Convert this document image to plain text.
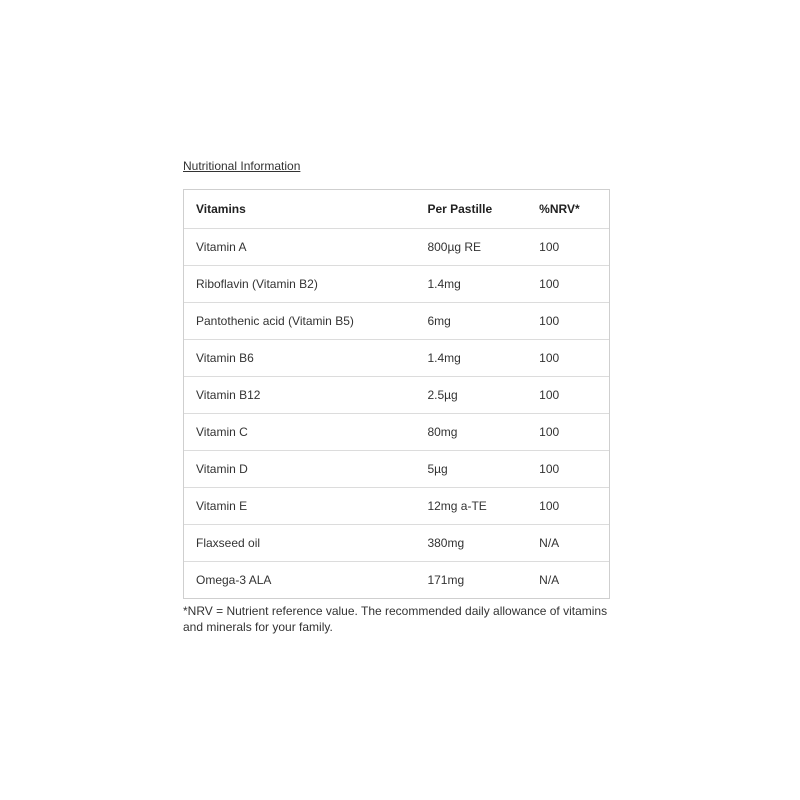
Nutritional Information
Vitamins	Per Pastille	%NRV*
Vitamin A	800µg RE	100
Riboflavin (Vitamin B2)	1.4mg	100
Pantothenic acid (Vitamin B5)	6mg	100
Vitamin B6	1.4mg	100
Vitamin B12	2.5µg	100
Vitamin C	80mg	100
Vitamin D	5µg	100
Vitamin E	12mg a-TE	100
Flaxseed oil	380mg	N/A
Omega-3 ALA	171mg	N/A
*NRV = Nutrient reference value. The recommended daily allowance of vitamins and minerals for your family.
